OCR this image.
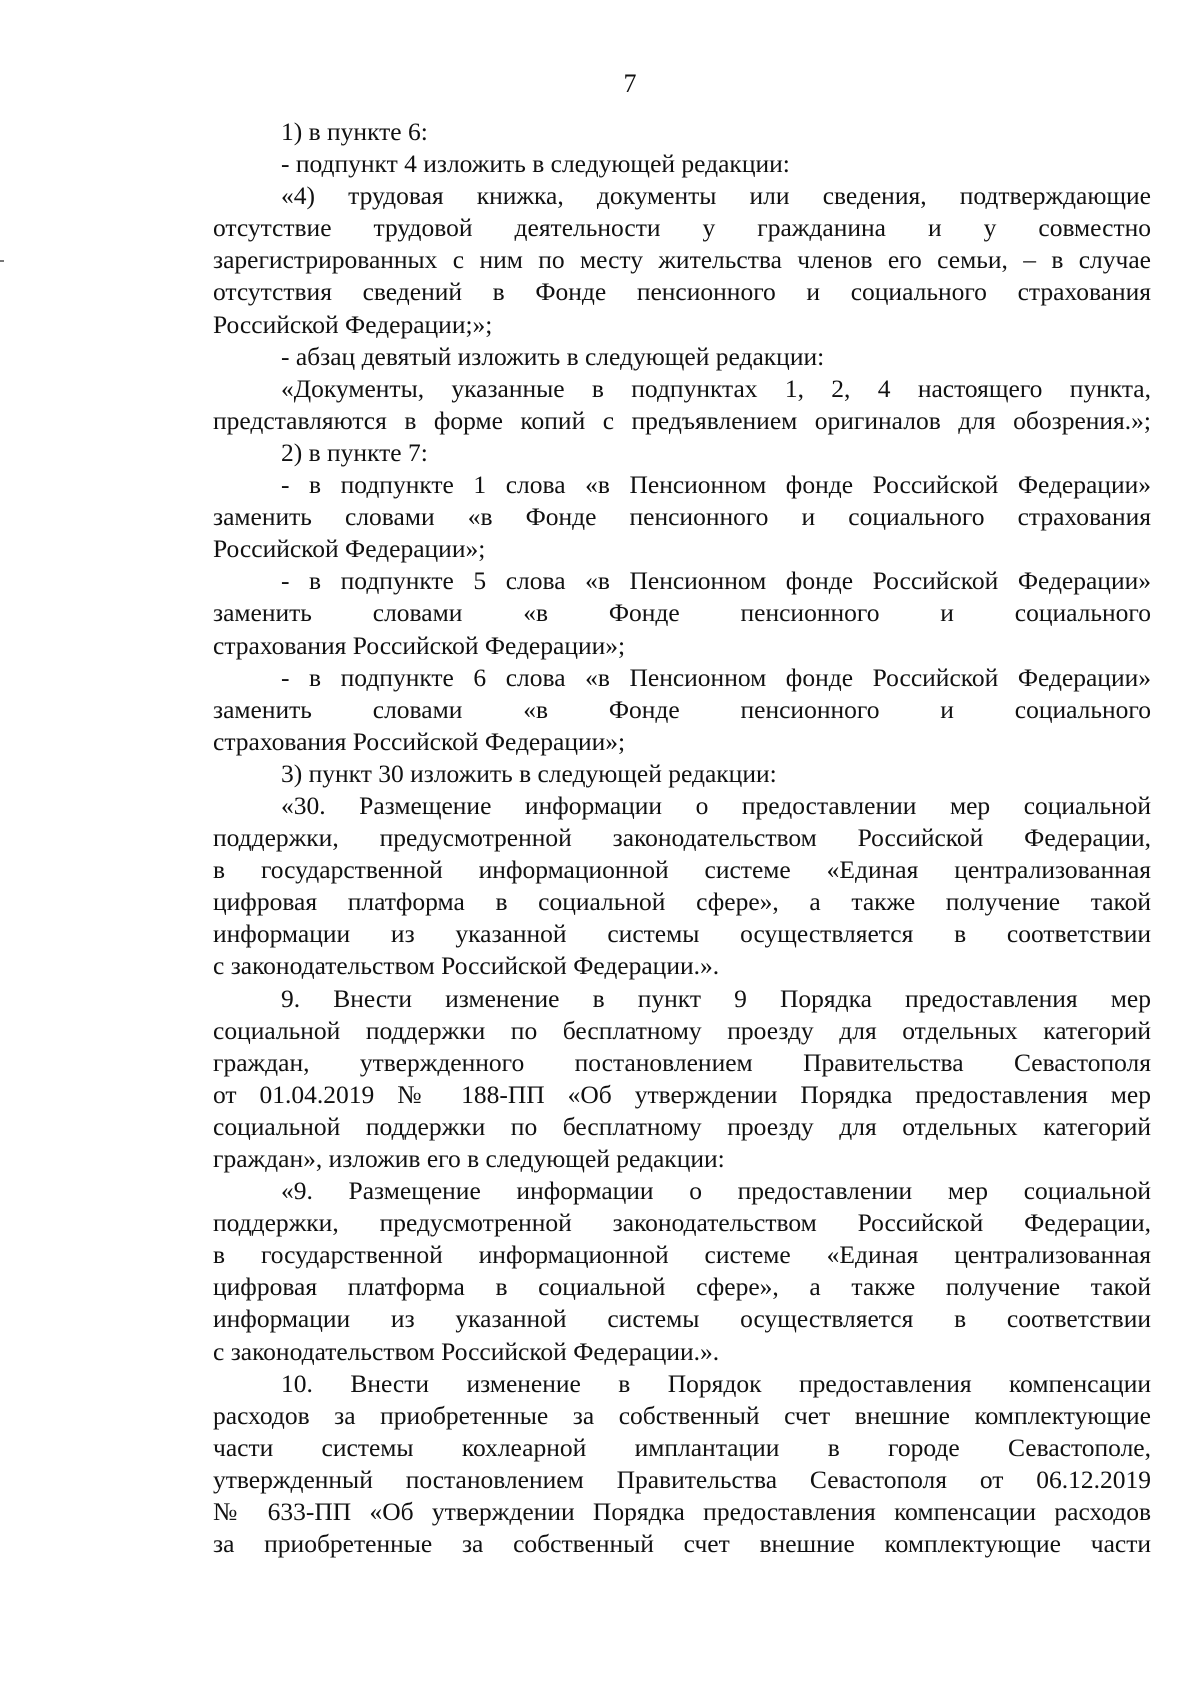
7
1) в пункте 6:
- подпункт 4 изложить в следующей редакции:
«4) трудовая книжка, документы или сведения, подтверждающие
отсутствие трудовой деятельности у гражданина и у совместно
зарегистрированных с ним по месту жительства членов его семьи, – в случае
отсутствия сведений в Фонде пенсионного и социального страхования
Российской Федерации;»;
- абзац девятый изложить в следующей редакции:
«Документы, указанные в подпунктах 1, 2, 4 настоящего пункта,
представляются в форме копий с предъявлением оригиналов для обозрения.»;
2) в пункте 7:
- в подпункте 1 слова «в Пенсионном фонде Российской Федерации»
заменить словами «в Фонде пенсионного и социального страхования
Российской Федерации»;
- в подпункте 5 слова «в Пенсионном фонде Российской Федерации»
заменить словами «в Фонде пенсионного и социального
страхования Российской Федерации»;
- в подпункте 6 слова «в Пенсионном фонде Российской Федерации»
заменить словами «в Фонде пенсионного и социального
страхования Российской Федерации»;
3) пункт 30 изложить в следующей редакции:
«30. Размещение информации о предоставлении мер социальной
поддержки, предусмотренной законодательством Российской Федерации,
в государственной информационной системе «Единая централизованная
цифровая платформа в социальной сфере», а также получение такой
информации из указанной системы осуществляется в соответствии
с законодательством Российской Федерации.».
9. Внести изменение в пункт 9 Порядка предоставления мер
социальной поддержки по бесплатному проезду для отдельных категорий
граждан, утвержденного постановлением Правительства Севастополя
от 01.04.2019 № 188-ПП «Об утверждении Порядка предоставления мер
социальной поддержки по бесплатному проезду для отдельных категорий
граждан», изложив его в следующей редакции:
«9. Размещение информации о предоставлении мер социальной
поддержки, предусмотренной законодательством Российской Федерации,
в государственной информационной системе «Единая централизованная
цифровая платформа в социальной сфере», а также получение такой
информации из указанной системы осуществляется в соответствии
с законодательством Российской Федерации.».
10. Внести изменение в Порядок предоставления компенсации
расходов за приобретенные за собственный счет внешние комплектующие
части системы кохлеарной имплантации в городе Севастополе,
утвержденный постановлением Правительства Севастополя от 06.12.2019
№ 633-ПП «Об утверждении Порядка предоставления компенсации расходов
за приобретенные за собственный счет внешние комплектующие части
